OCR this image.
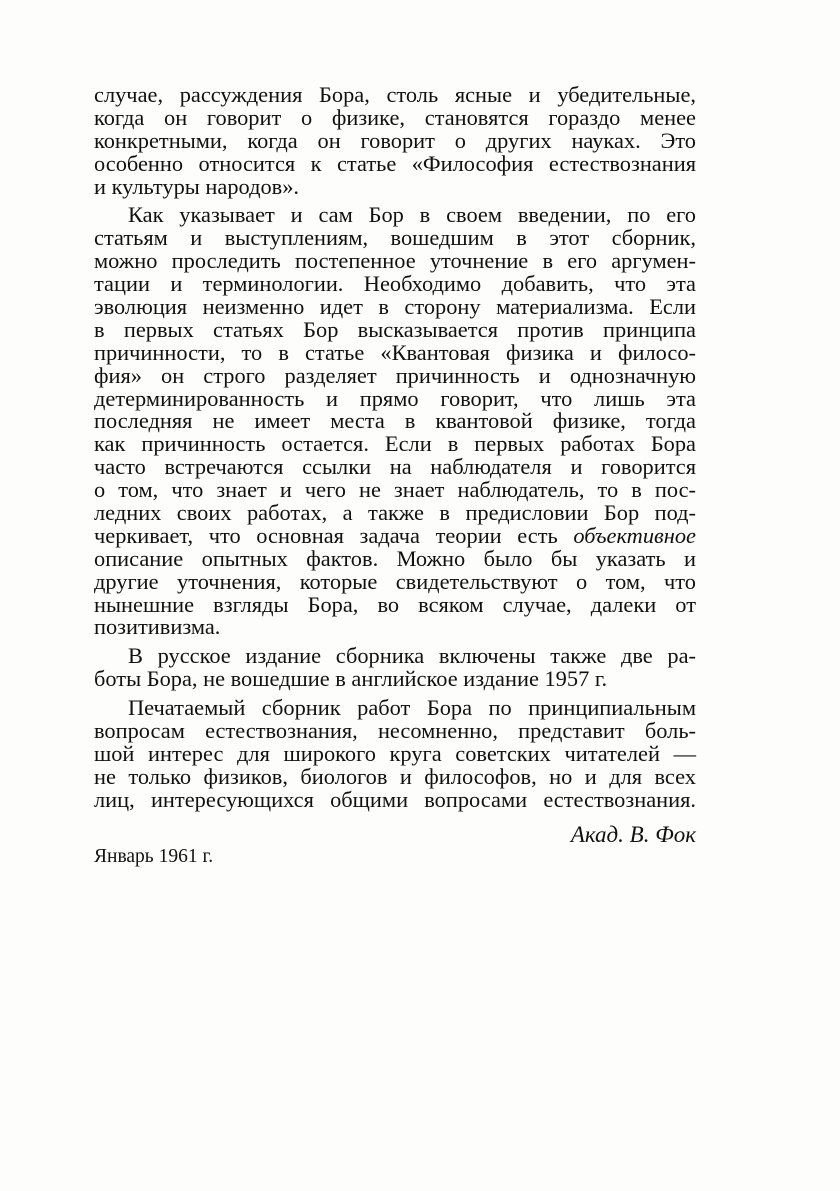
случае, рассуждения Бора, столь ясные и убедительные,
когда он говорит о физике, становятся гораздо менее
конкретными, когда он говорит о других науках. Это
особенно относится к статье «Философия естествознания
и культуры народов».
Как указывает и сам Бор в своем введении, по его
статьям и выступлениям, вошедшим в этот сборник,
можно проследить постепенное уточнение в его аргумен-
тации и терминологии. Необходимо добавить, что эта
эволюция неизменно идет в сторону материализма. Если
в первых статьях Бор высказывается против принципа
причинности, то в статье «Квантовая физика и филосо-
фия» он строго разделяет причинность и однозначную
детерминированность и прямо говорит, что лишь эта
последняя не имеет места в квантовой физике, тогда
как причинность остается. Если в первых работах Бора
часто встречаются ссылки на наблюдателя и говорится
о том, что знает и чего не знает наблюдатель, то в пос-
ледних своих работах, а также в предисловии Бор под-
черкивает, что основная задача теории есть объективное
описание опытных фактов. Можно было бы указать и
другие уточнения, которые свидетельствуют о том, что
нынешние взгляды Бора, во всяком случае, далеки от
позитивизма.
В русское издание сборника включены также две ра-
боты Бора, не вошедшие в английское издание 1957 г.
Печатаемый сборник работ Бора по принципиальным
вопросам естествознания, несомненно, представит боль-
шой интерес для широкого круга советских читателей —
не только физиков, биологов и философов, но и для всех
лиц, интересующихся общими вопросами естествознания.
Акад. В. Фок
Январь 1961 г.
